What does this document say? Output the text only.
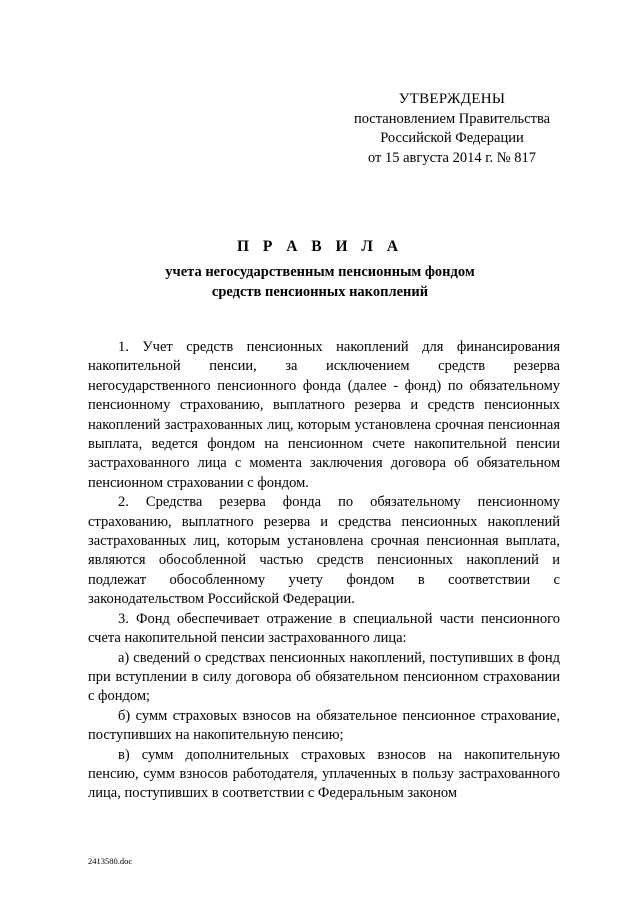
УТВЕРЖДЕНЫ
постановлением Правительства
Российской Федерации
от 15 августа 2014 г. № 817
П Р А В И Л А
учета негосударственным пенсионным фондом
средств пенсионных накоплений

1. Учет средств пенсионных накоплений для финансирования накопительной пенсии, за исключением средств резерва негосударственного пенсионного фонда (далее - фонд) по обязательному пенсионному страхованию, выплатного резерва и средств пенсионных накоплений застрахованных лиц, которым установлена срочная пенсионная выплата, ведется фондом на пенсионном счете накопительной пенсии застрахованного лица с момента заключения договора об обязательном пенсионном страховании с фондом.

2. Средства резерва фонда по обязательному пенсионному страхованию, выплатного резерва и средства пенсионных накоплений застрахованных лиц, которым установлена срочная пенсионная выплата, являются обособленной частью средств пенсионных накоплений и подлежат обособленному учету фондом в соответствии с законодательством Российской Федерации.

3. Фонд обеспечивает отражение в специальной части пенсионного счета накопительной пенсии застрахованного лица:

а) сведений о средствах пенсионных накоплений, поступивших в фонд при вступлении в силу договора об обязательном пенсионном страховании с фондом;

б) сумм страховых взносов на обязательное пенсионное страхование, поступивших на накопительную пенсию;

в) сумм дополнительных страховых взносов на накопительную пенсию, сумм взносов работодателя, уплаченных в пользу застрахованного лица, поступивших в соответствии с Федеральным законом

2413580.doc
